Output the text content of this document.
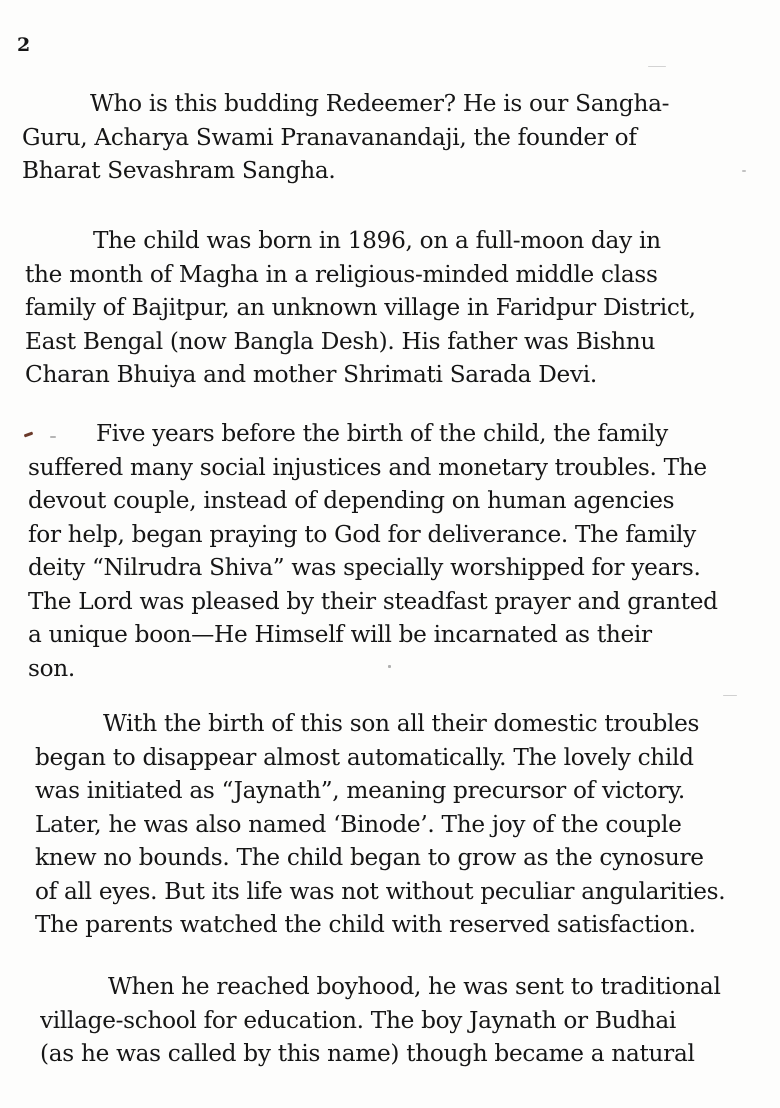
2

Who is this budding Redeemer? He is our Sangha-
Guru, Acharya Swami Pranavanandaji, the founder of
Bharat Sevashram Sangha.

The child was born in 1896, on a full-moon day in
the month of Magha in a religious-minded middle class
family of Bajitpur, an unknown village in Faridpur District,
East Bengal (now Bangla Desh). His father was Bishnu
Charan Bhuiya and mother Shrimati Sarada Devi.

Five years before the birth of the child, the family
suffered many social injustices and monetary troubles. The
devout couple, instead of depending on human agencies
for help, began praying to God for deliverance. The family
deity “Nilrudra Shiva” was specially worshipped for years.
The Lord was pleased by their steadfast prayer and granted
a unique boon—He Himself will be incarnated as their
son.

With the birth of this son all their domestic troubles
began to disappear almost automatically. The lovely child
was initiated as “Jaynath”, meaning precursor of victory.
Later, he was also named ‘Binode’. The joy of the couple
knew no bounds. The child began to grow as the cynosure
of all eyes. But its life was not without peculiar angularities.
The parents watched the child with reserved satisfaction.

When he reached boyhood, he was sent to traditional
village-school for education. The boy Jaynath or Budhai
(as he was called by this name) though became a natural
